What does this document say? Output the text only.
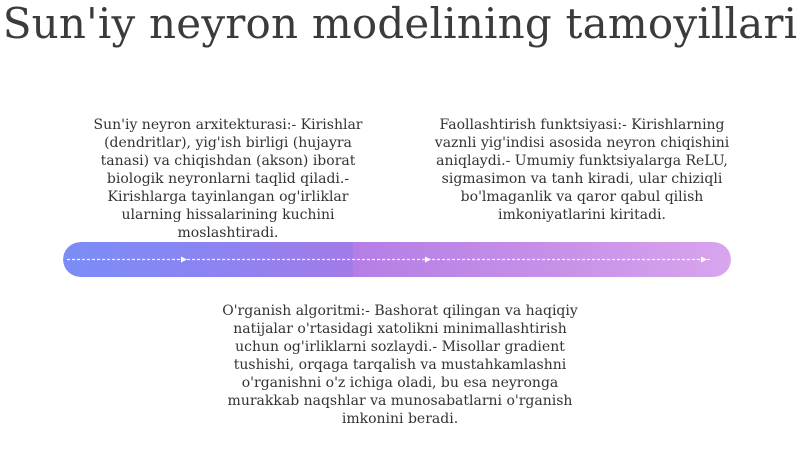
Sun'iy neyron modelining tamoyillari
Sun'iy neyron arxitekturasi:- Kirishlar (dendritlar), yig'ish birligi (hujayra tanasi) va chiqishdan (akson) iborat biologik neyronlarni taqlid qiladi.- Kirishlarga tayinlangan og'irliklar ularning hissalarining kuchini moslashtiradi.
Faollashtirish funktsiyasi:- Kirishlarning vaznli yig'indisi asosida neyron chiqishini aniqlaydi.- Umumiy funktsiyalarga ReLU, sigmasimon va tanh kiradi, ular chiziqli bo'lmaganlik va qaror qabul qilish imkoniyatlarini kiritadi.
O'rganish algoritmi:- Bashorat qilingan va haqiqiy natijalar o'rtasidagi xatolikni minimallashtirish uchun og'irliklarni sozlaydi.- Misollar gradient tushishi, orqaga tarqalish va mustahkamlashni o'rganishni o'z ichiga oladi, bu esa neyronga murakkab naqshlar va munosabatlarni o'rganish imkonini beradi.
